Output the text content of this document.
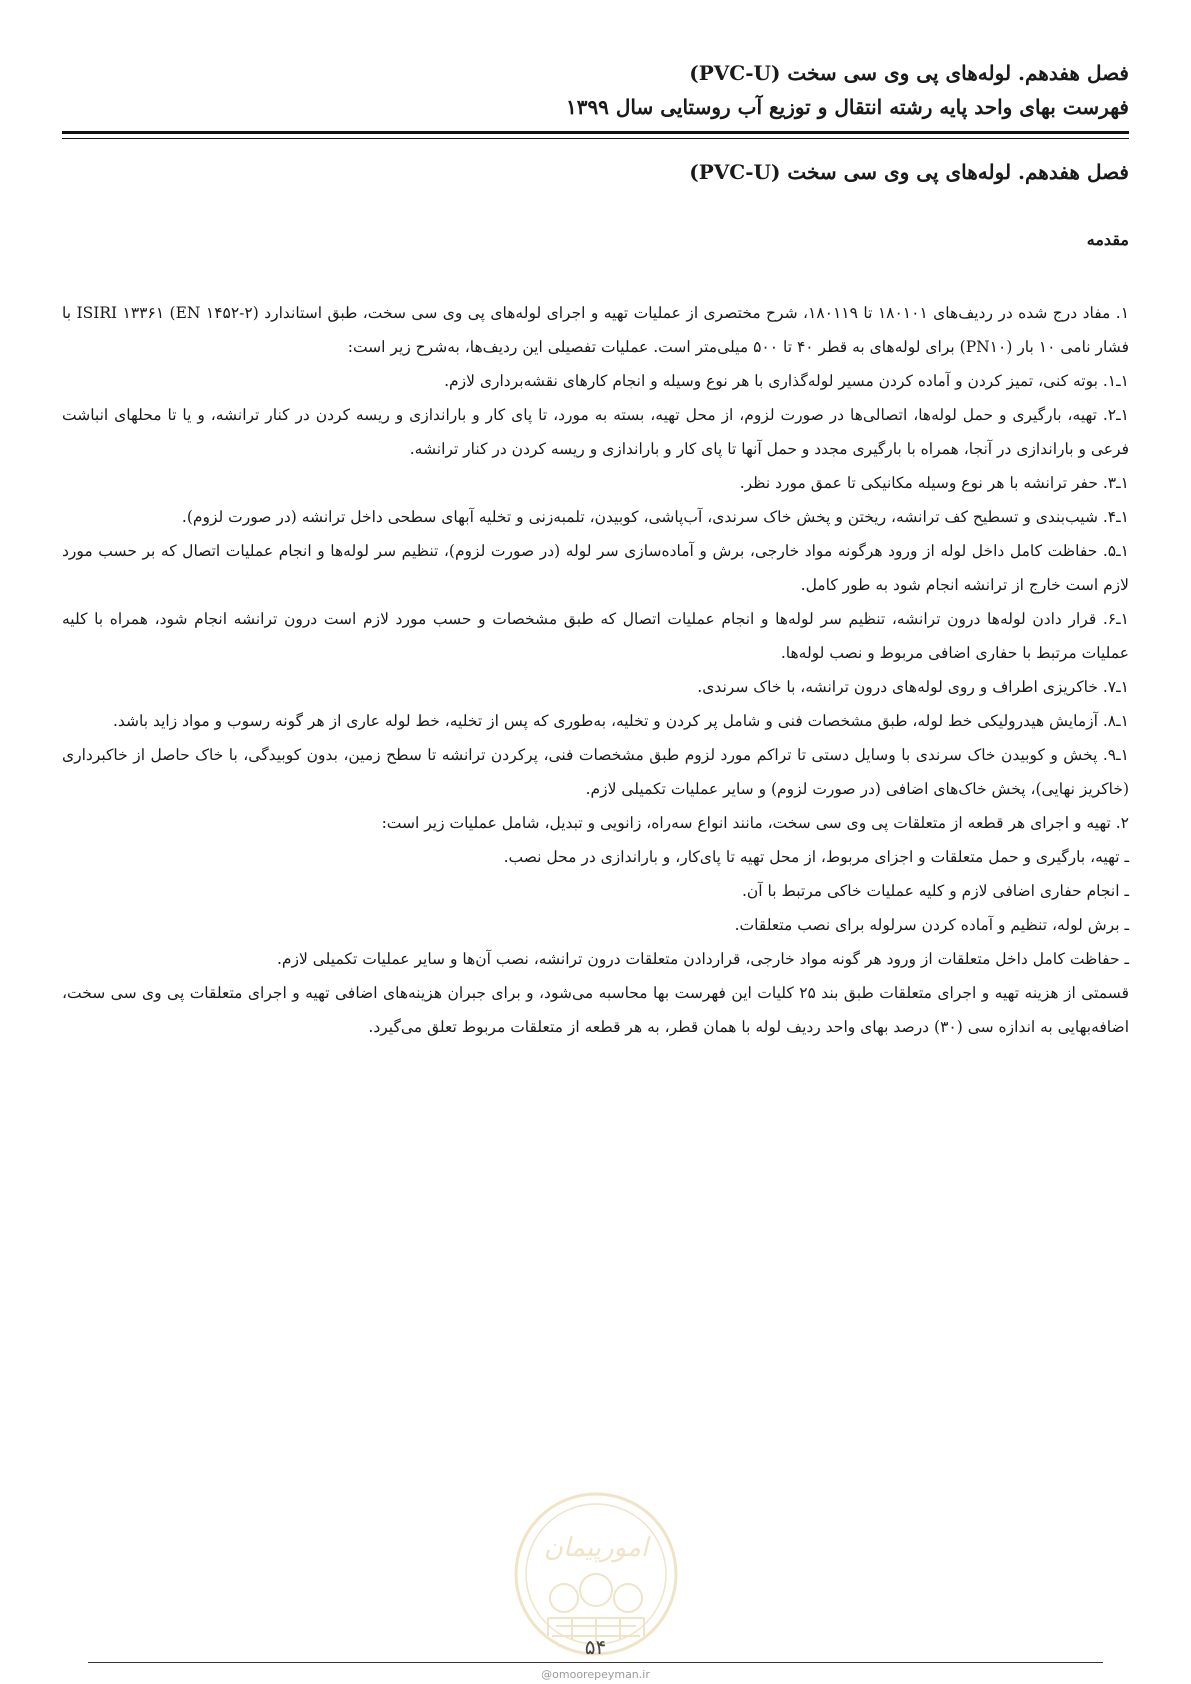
فصل هفدهم. لوله‌های پی وی سی سخت (PVC-U)
فهرست بهای واحد پایه رشته انتقال و توزیع آب روستایی سال ۱۳۹۹
فصل هفدهم. لوله‌های پی وی سی سخت (PVC-U)
مقدمه

۱. مفاد درج شده در ردیف‌های ۱۸۰۱۰۱ تا ۱۸۰۱۱۹، شرح مختصری از عملیات تهیه و اجرای لوله‌های پی وی سی سخت، طبق استاندارد ISIRI ۱۳۳۶۱ (EN ۱۴۵۲-۲) با فشار نامی ۱۰ بار (PN۱۰) برای لوله‌های به قطر ۴۰ تا ۵۰۰ میلی‌متر است. عملیات تفصیلی این ردیف‌ها، به‌شرح زیر است:

۱ـ۱. بوته کنی، تمیز کردن و آماده کردن مسیر لوله‌گذاری با هر نوع وسیله و انجام کارهای نقشه‌برداری لازم.

۱ـ۲. تهیه، بارگیری و حمل لوله‌ها، اتصالی‌ها در صورت لزوم، از محل تهیه، بسته به مورد، تا پای کار و باراندازی و ریسه کردن در کنار ترانشه، و یا تا محلهای انباشت فرعی و باراندازی در آنجا، همراه با بارگیری مجدد و حمل آنها تا پای کار و باراندازی و ریسه کردن در کنار ترانشه.

۱ـ۳. حفر ترانشه با هر نوع وسیله مکانیکی تا عمق مورد نظر.

۱ـ۴. شیب‌بندی و تسطیح کف ترانشه، ریختن و پخش خاک سرندی، آب‌پاشی، کوبیدن، تلمبه‌زنی و تخلیه آبهای سطحی داخل ترانشه (در صورت لزوم).

۱ـ۵. حفاظت کامل داخل لوله از ورود هرگونه مواد خارجی، برش و آماده‌سازی سر لوله (در صورت لزوم)، تنظیم سر لوله‌ها و انجام عملیات اتصال که بر حسب مورد لازم است خارج از ترانشه انجام شود به طور کامل.

۱ـ۶. قرار دادن لوله‌ها درون ترانشه، تنظیم سر لوله‌ها و انجام عملیات اتصال که طبق مشخصات و حسب مورد لازم است درون ترانشه انجام شود، همراه با کلیه عملیات مرتبط با حفاری اضافی مربوط و نصب لوله‌ها.

۱ـ۷. خاکریزی اطراف و روی لوله‌های درون ترانشه، با خاک سرندی.

۱ـ۸. آزمایش هیدرولیکی خط لوله، طبق مشخصات فنی و شامل پر کردن و تخلیه، به‌طوری که پس از تخلیه، خط لوله عاری از هر گونه رسوب و مواد زاید باشد.

۱ـ۹. پخش و کوبیدن خاک سرندی با وسایل دستی تا تراکم مورد لزوم طبق مشخصات فنی، پرکردن ترانشه تا سطح زمین، بدون کوبیدگی، با خاک حاصل از خاکبرداری (خاکریز نهایی)، پخش خاک‌های اضافی (در صورت لزوم) و سایر عملیات تکمیلی لازم.

۲. تهیه و اجرای هر قطعه از متعلقات پی وی سی سخت، مانند انواع سه‌راه، زانویی و تبدیل، شامل عملیات زیر است:

ـ تهیه، بارگیری و حمل متعلقات و اجزای مربوط، از محل تهیه تا پای‌کار، و باراندازی در محل نصب.

ـ انجام حفاری اضافی لازم و کلیه عملیات خاکی مرتبط با آن.

ـ برش لوله، تنظیم و آماده کردن سرلوله برای نصب متعلقات.

ـ حفاظت کامل داخل متعلقات از ورود هر گونه مواد خارجی، قراردادن متعلقات درون ترانشه، نصب آن‌ها و سایر عملیات تکمیلی لازم.

قسمتی از هزینه تهیه و اجرای متعلقات طبق بند ۲۵ کلیات این فهرست بها محاسبه می‌شود، و برای جبران هزینه‌های اضافی تهیه و اجرای متعلقات پی وی سی سخت، اضافه‌بهایی به اندازه سی (۳۰) درصد بهای واحد ردیف لوله با همان قطر، به هر قطعه از متعلقات مربوط تعلق می‌گیرد.

امورپیمان
۵۴
@omoorepeyman.ir
